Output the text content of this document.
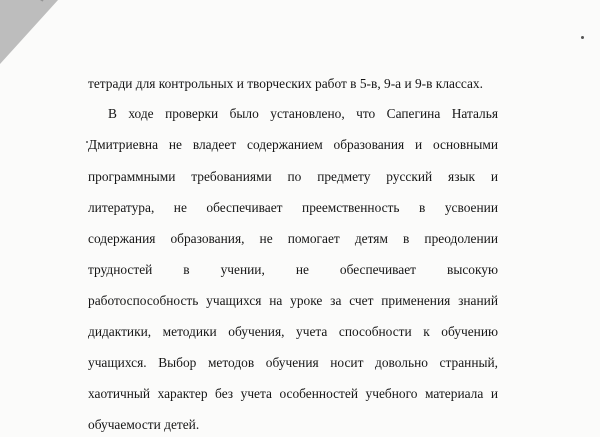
тетради для контрольных и творческих работ в 5-в, 9-а и 9-в классах.
В ходе проверки было установлено, что Сапегина Наталья
Дмитриевна не владеет содержанием образования и основными
программными требованиями по предмету русский язык и
литература, не обеспечивает преемственность в усвоении
содержания образования, не помогает детям в преодолении
трудностей в учении, не обеспечивает высокую
работоспособность учащихся на уроке за счет применения знаний
дидактики, методики обучения, учета способности к обучению
учащихся. Выбор методов обучения носит довольно странный,
хаотичный характер без учета особенностей учебного материала и
обучаемости детей.
